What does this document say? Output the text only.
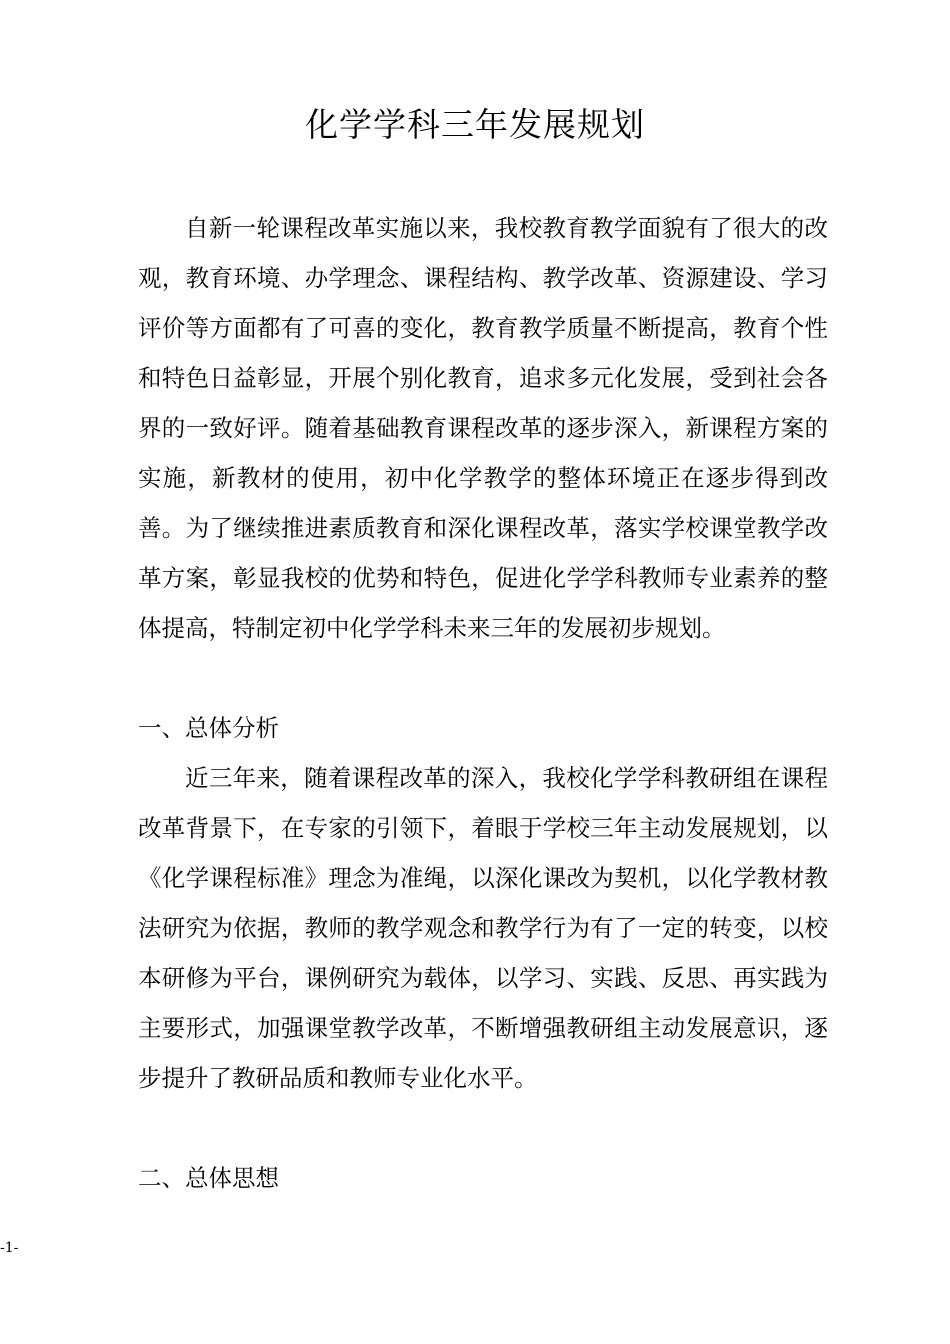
化学学科三年发展规划

自新一轮课程改革实施以来，我校教育教学面貌有了很大的改观，教育环境、办学理念、课程结构、教学改革、资源建设、学习评价等方面都有了可喜的变化，教育教学质量不断提高，教育个性和特色日益彰显，开展个别化教育，追求多元化发展，受到社会各界的一致好评。随着基础教育课程改革的逐步深入，新课程方案的实施，新教材的使用，初中化学教学的整体环境正在逐步得到改善。为了继续推进素质教育和深化课程改革，落实学校课堂教学改革方案，彰显我校的优势和特色，促进化学学科教师专业素养的整体提高，特制定初中化学学科未来三年的发展初步规划。

一、总体分析

近三年来，随着课程改革的深入，我校化学学科教研组在课程改革背景下，在专家的引领下，着眼于学校三年主动发展规划，以《化学课程标准》理念为准绳，以深化课改为契机，以化学教材教法研究为依据，教师的教学观念和教学行为有了一定的转变，以校本研修为平台，课例研究为载体，以学习、实践、反思、再实践为主要形式，加强课堂教学改革，不断增强教研组主动发展意识，逐步提升了教研品质和教师专业化水平。

二、总体思想

-1-
